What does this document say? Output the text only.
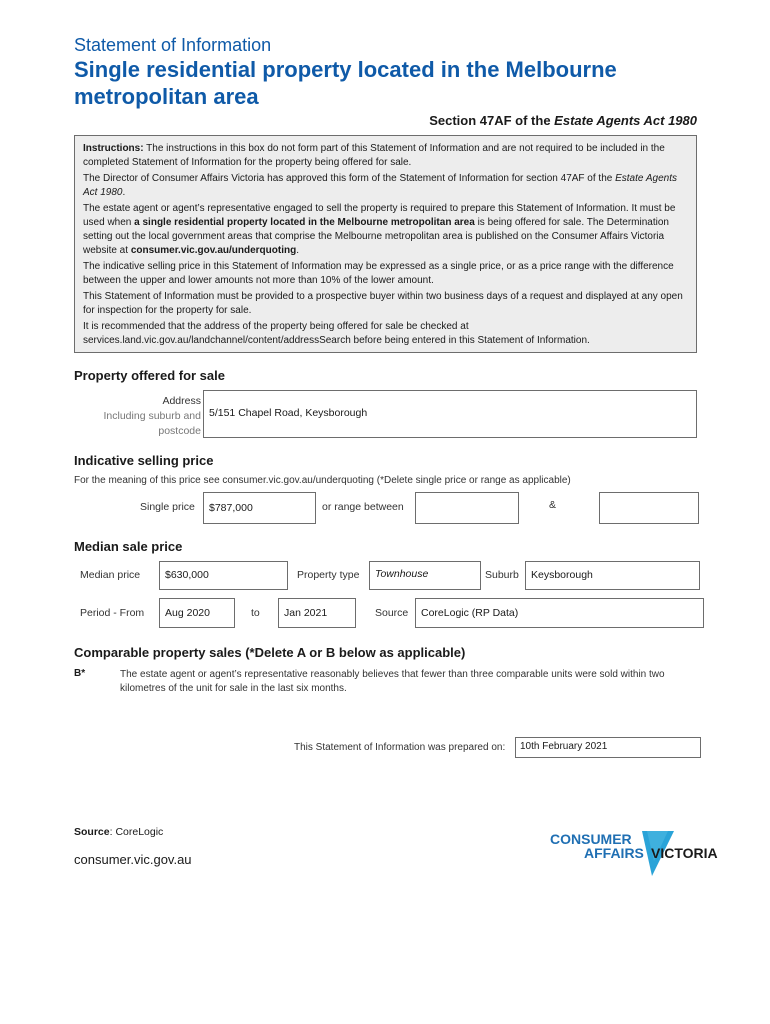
Statement of Information
Single residential property located in the Melbourne metropolitan area
Section 47AF of the Estate Agents Act 1980

Instructions: The instructions in this box do not form part of this Statement of Information and are not required to be included in the completed Statement of Information for the property being offered for sale.

The Director of Consumer Affairs Victoria has approved this form of the Statement of Information for section 47AF of the Estate Agents Act 1980.

The estate agent or agent’s representative engaged to sell the property is required to prepare this Statement of Information. It must be used when a single residential property located in the Melbourne metropolitan area is being offered for sale. The Determination setting out the local government areas that comprise the Melbourne metropolitan area is published on the Consumer Affairs Victoria website at consumer.vic.gov.au/underquoting.

The indicative selling price in this Statement of Information may be expressed as a single price, or as a price range with the difference between the upper and lower amounts not more than 10% of the lower amount.

This Statement of Information must be provided to a prospective buyer within two business days of a request and displayed at any open for inspection for the property for sale.

It is recommended that the address of the property being offered for sale be checked at services.land.vic.gov.au/landchannel/content/addressSearch before being entered in this Statement of Information.

Property offered for sale
Address
Including suburb and
postcode
5/151 Chapel Road, Keysborough
Indicative selling price
For the meaning of this price see consumer.vic.gov.au/underquoting (*Delete single price or range as applicable)
Single price	$787,000	or range between	&
Median sale price
Median price	$630,000	Property type	Townhouse	Suburb	Keysborough
Period - From	Aug 2020	to	Jan 2021	Source	CoreLogic (RP Data)
Comparable property sales (*Delete A or B below as applicable)
B*	The estate agent or agent’s representative reasonably believes that fewer than three comparable units were sold within two kilometres of the unit for sale in the last six months.
This Statement of Information was prepared on:	10th February 2021
Source: CoreLogic
consumer.vic.gov.au
CONSUMER
AFFAIRS VICTORIA
